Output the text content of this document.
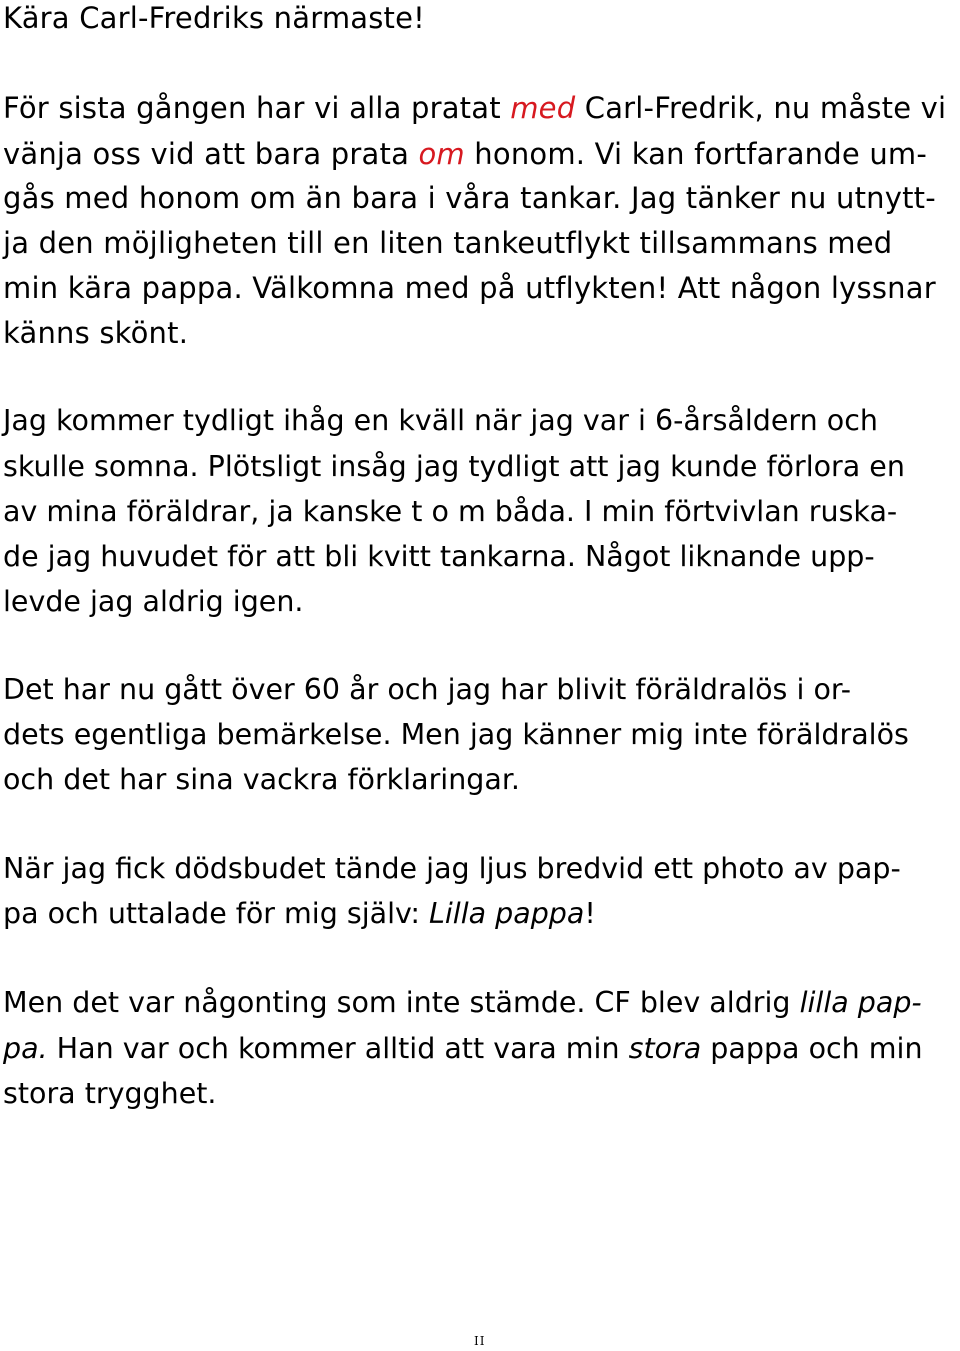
Kära Carl-Fredriks närmaste!
För sista gången har vi alla pratat med Carl-Fredrik, nu måste vi
vänja oss vid att bara prata om honom. Vi kan fortfarande um-
gås med honom om än bara i våra tankar. Jag tänker nu utnytt-
ja den möjligheten till en liten tankeutflykt tillsammans med
min kära pappa. Välkomna med på utflykten! Att någon lyssnar
känns skönt.
Jag kommer tydligt ihåg en kväll när jag var i 6-årsåldern och
skulle somna. Plötsligt insåg jag tydligt att jag kunde förlora en
av mina föräldrar, ja kanske t o m båda. I min förtvivlan ruska-
de jag huvudet för att bli kvitt tankarna. Något liknande upp-
levde jag aldrig igen.
Det har nu gått över 60 år och jag har blivit föräldralös i or-
dets egentliga bemärkelse. Men jag känner mig inte föräldralös
och det har sina vackra förklaringar.
När jag fick dödsbudet tände jag ljus bredvid ett photo av pap-
pa och uttalade för mig själv: Lilla pappa!
Men det var någonting som inte stämde. CF blev aldrig lilla pap-
pa. Han var och kommer alltid att vara min stora pappa och min
stora trygghet.
II
